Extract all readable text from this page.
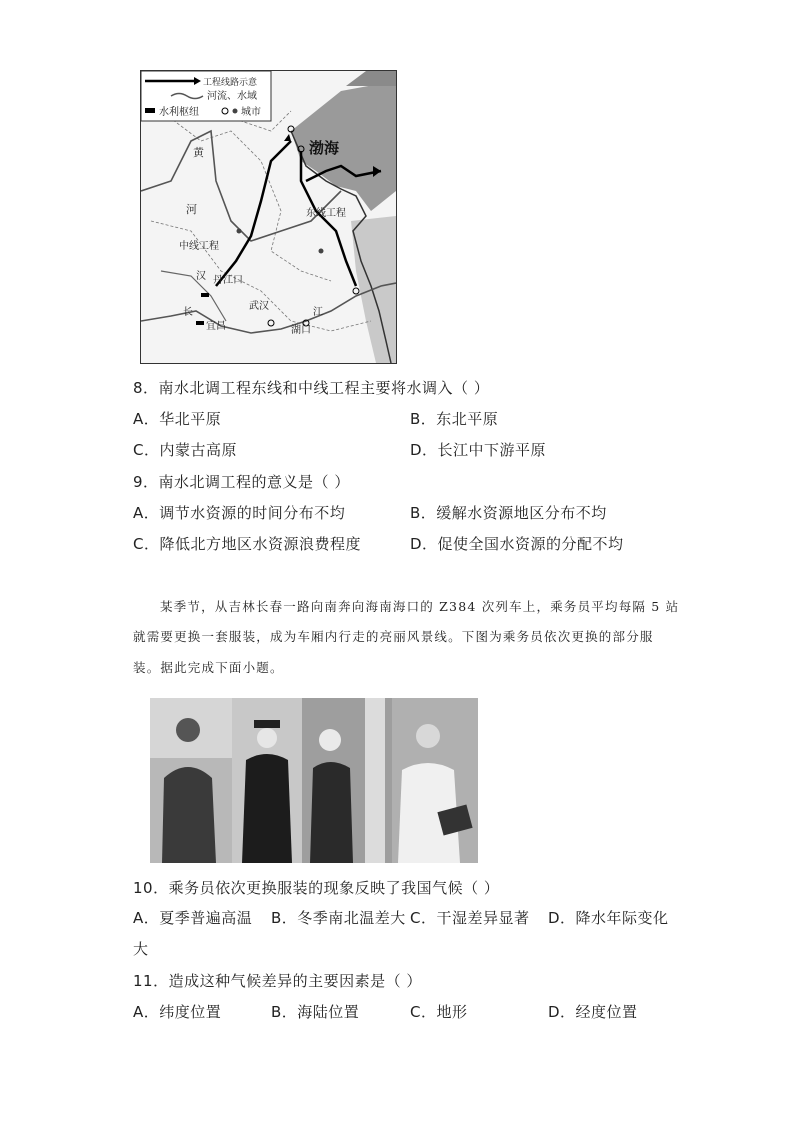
工程线路示意
河流、水域
水利枢纽	城市
渤海
黄
河
中线工程
东线工程
汉 丹江口
宜昌
武汉
长	江
湖口
8．南水北调工程东线和中线工程主要将水调入（ ）
A．华北平原	B．东北平原
C．内蒙古高原	D．长江中下游平原
9．南水北调工程的意义是（ ）
A．调节水资源的时间分布不均	B．缓解水资源地区分布不均
C．降低北方地区水资源浪费程度	D．促使全国水资源的分配不均
某季节，从吉林长春一路向南奔向海南海口的 Z384 次列车上，乘务员平均每隔 5 站
就需要更换一套服装，成为车厢内行走的亮丽风景线。下图为乘务员依次更换的部分服
装。据此完成下面小题。
10．乘务员依次更换服装的现象反映了我国气候（ ）
A．夏季普遍高温 B．冬季南北温差大 C．干湿差异显著 D．降水年际变化
大
11．造成这种气候差异的主要因素是（ ）
A．纬度位置	B．海陆位置	C．地形	D．经度位置
